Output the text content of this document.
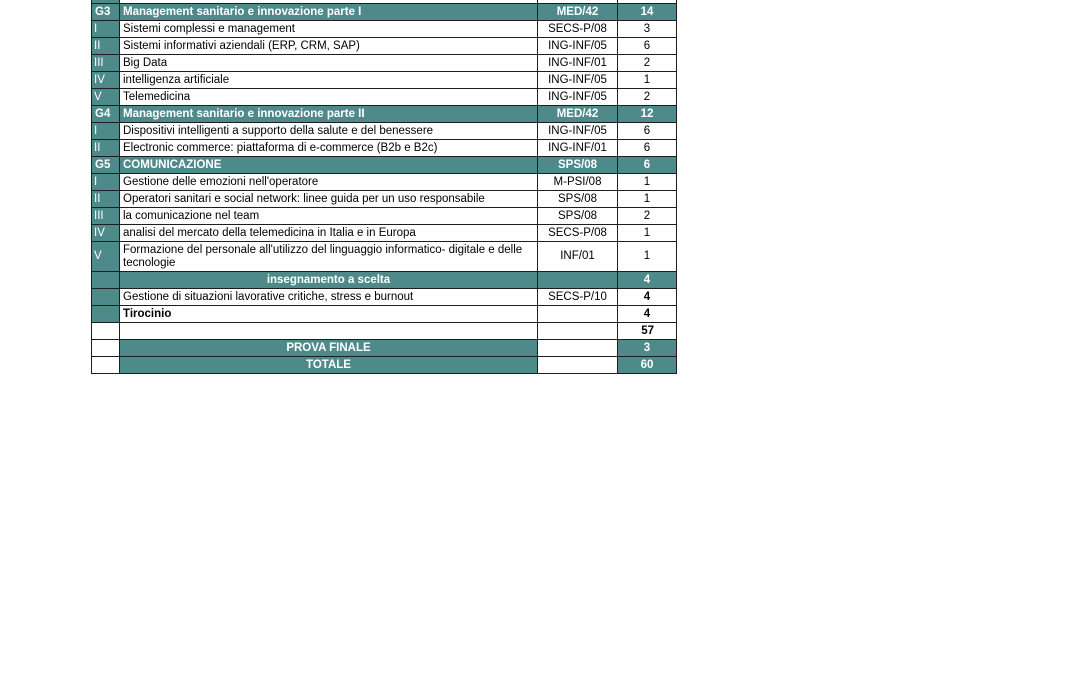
G3	Management sanitario e innovazione parte I	MED/42	14
I	Sistemi complessi e management	SECS-P/08	3
II	Sistemi informativi aziendali (ERP, CRM, SAP)	ING-INF/05	6
III	Big Data	ING-INF/01	2
IV	intelligenza artificiale	ING-INF/05	1
V	Telemedicina	ING-INF/05	2
G4	Management sanitario e innovazione parte II	MED/42	12
I	Dispositivi intelligenti a supporto della salute e del benessere	ING-INF/05	6
II	Electronic commerce: piattaforma di e-commerce (B2b e B2c)	ING-INF/01	6
G5	COMUNICAZIONE	SPS/08	6
I	Gestione delle emozioni nell'operatore	M-PSI/08	1
II	Operatori sanitari e social network: linee guida per un uso responsabile	SPS/08	1
III	la comunicazione nel team	SPS/08	2
IV	analisi del mercato della telemedicina in Italia e in Europa	SECS-P/08	1
V	Formazione del personale all'utilizzo del linguaggio informatico- digitale e delle tecnologie	INF/01	1
	insegnamento a scelta		4
	Gestione di situazioni lavorative critiche, stress e burnout	SECS-P/10	4
	Tirocinio		4
			57
	PROVA FINALE		3
	TOTALE		60
